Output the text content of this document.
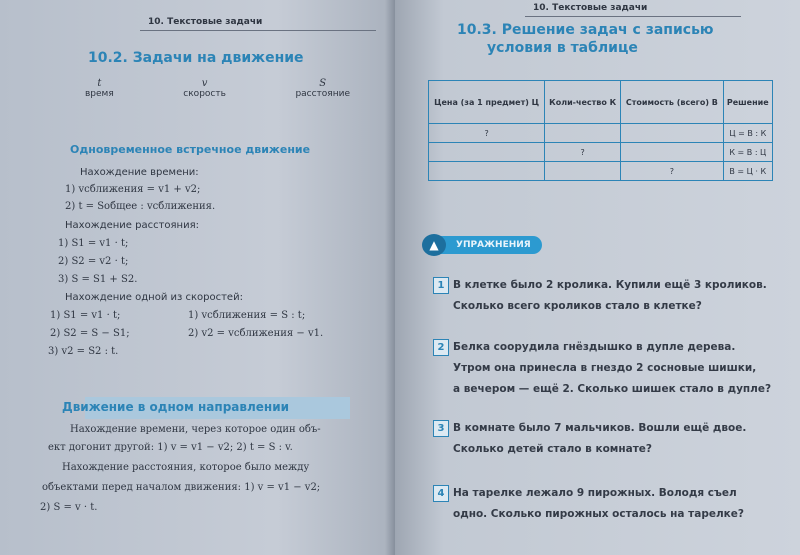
10. Текстовые задачи
10.2. Задачи на движение
t
время
v
скорость
S
расстояние
Одновременное встречное движение
Нахождение времени:
1) vсближения = v1 + v2;
2) t = Sобщее : vсближения.
Нахождение расстояния:
1) S1 = v1 · t;
2) S2 = v2 · t;
3) S = S1 + S2.
Нахождение одной из скоростей:
1) S1 = v1 · t;
2) S2 = S − S1;
3) v2 = S2 : t.
1) vсближения = S : t;
2) v2 = vсближения − v1.
Движение в одном направлении
Нахождение времени, через которое один объ-
ект догонит другой: 1) v = v1 − v2; 2) t = S : v.
Нахождение расстояния, которое было между
объектами перед началом движения: 1) v = v1 − v2;
2) S = v · t.
10. Текстовые задачи
10.3. Решение задач с записью
условия в таблице
Цена (за 1 предмет) Ц	Коли-чество К	Стоимость (всего) В	Решение
?			Ц = В : К
	?		К = В : Ц
		?	В = Ц · К
УПРАЖНЕНИЯ
▲
1 В клетке было 2 кролика. Купили ещё 3 кроликов.
Сколько всего кроликов стало в клетке?
2 Белка соорудила гнёздышко в дупле дерева.
Утром она принесла в гнездо 2 сосновые шишки,
а вечером — ещё 2. Сколько шишек стало в дупле?
3 В комнате было 7 мальчиков. Вошли ещё двое.
Сколько детей стало в комнате?
4 На тарелке лежало 9 пирожных. Володя съел
одно. Сколько пирожных осталось на тарелке?
